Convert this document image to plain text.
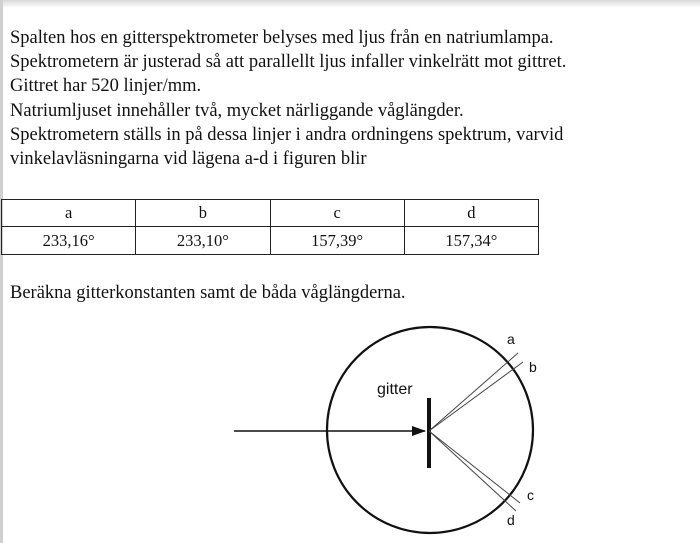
Spalten hos en gitterspektrometer belyses med ljus från en natriumlampa.
Spektrometern är justerad så att parallellt ljus infaller vinkelrätt mot gittret.
Gittret har 520 linjer/mm.
Natriumljuset innehåller två, mycket närliggande våglängder.
Spektrometern ställs in på dessa linjer i andra ordningens spektrum, varvid
vinkelavläsningarna vid lägena a-d i figuren blir
a	b	c	d
233,16°	233,10°	157,39°	157,34°
Beräkna gitterkonstanten samt de båda våglängderna.
gitter
a
b
c
d
